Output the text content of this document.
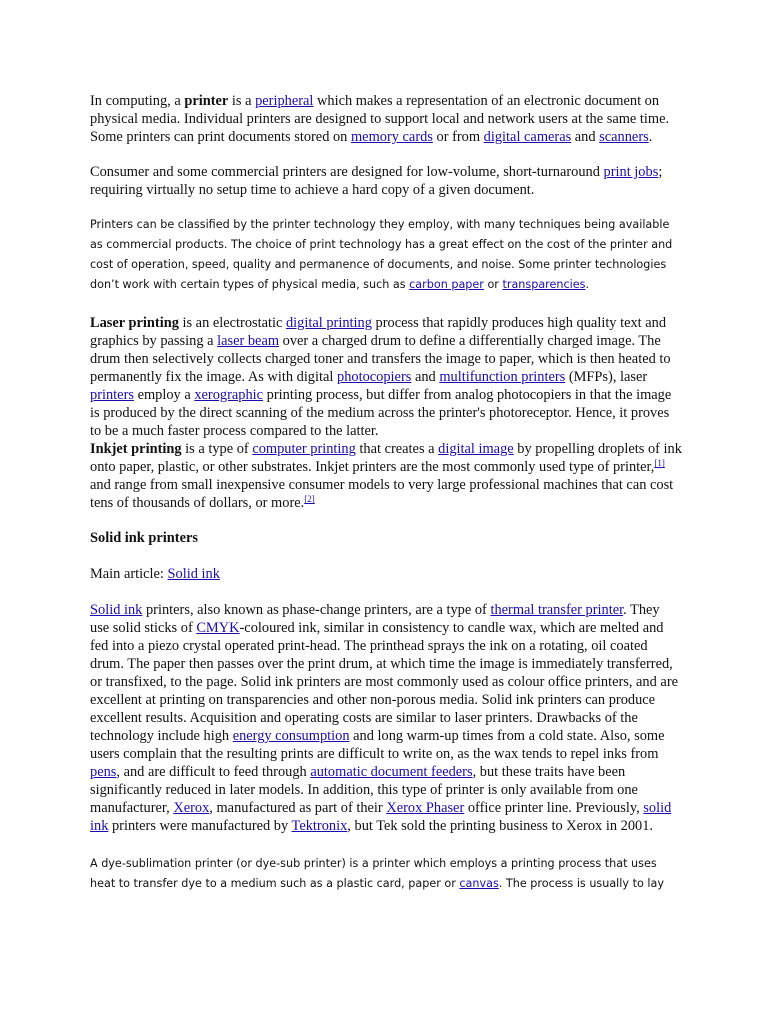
In computing, a printer is a peripheral which makes a representation of an electronic document on physical media. Individual printers are designed to support local and network users at the same time. Some printers can print documents stored on memory cards or from digital cameras and scanners.

Consumer and some commercial printers are designed for low-volume, short-turnaround print jobs; requiring virtually no setup time to achieve a hard copy of a given document.

Printers can be classified by the printer technology they employ, with many techniques being available as commercial products. The choice of print technology has a great effect on the cost of the printer and cost of operation, speed, quality and permanence of documents, and noise. Some printer technologies don’t work with certain types of physical media, such as carbon paper or transparencies.

Laser printing is an electrostatic digital printing process that rapidly produces high quality text and graphics by passing a laser beam over a charged drum to define a differentially charged image. The drum then selectively collects charged toner and transfers the image to paper, which is then heated to permanently fix the image. As with digital photocopiers and multifunction printers (MFPs), laser printers employ a xerographic printing process, but differ from analog photocopiers in that the image is produced by the direct scanning of the medium across the printer's photoreceptor. Hence, it proves to be a much faster process compared to the latter.
Inkjet printing is a type of computer printing that creates a digital image by propelling droplets of ink onto paper, plastic, or other substrates. Inkjet printers are the most commonly used type of printer,[1] and range from small inexpensive consumer models to very large professional machines that can cost tens of thousands of dollars, or more.[2]

Solid ink printers

Main article: Solid ink

Solid ink printers, also known as phase-change printers, are a type of thermal transfer printer. They use solid sticks of CMYK-coloured ink, similar in consistency to candle wax, which are melted and fed into a piezo crystal operated print-head. The printhead sprays the ink on a rotating, oil coated drum. The paper then passes over the print drum, at which time the image is immediately transferred, or transfixed, to the page. Solid ink printers are most commonly used as colour office printers, and are excellent at printing on transparencies and other non-porous media. Solid ink printers can produce excellent results. Acquisition and operating costs are similar to laser printers. Drawbacks of the technology include high energy consumption and long warm-up times from a cold state. Also, some users complain that the resulting prints are difficult to write on, as the wax tends to repel inks from pens, and are difficult to feed through automatic document feeders, but these traits have been significantly reduced in later models. In addition, this type of printer is only available from one manufacturer, Xerox, manufactured as part of their Xerox Phaser office printer line. Previously, solid ink printers were manufactured by Tektronix, but Tek sold the printing business to Xerox in 2001.

A dye-sublimation printer (or dye-sub printer) is a printer which employs a printing process that uses heat to transfer dye to a medium such as a plastic card, paper or canvas. The process is usually to lay
